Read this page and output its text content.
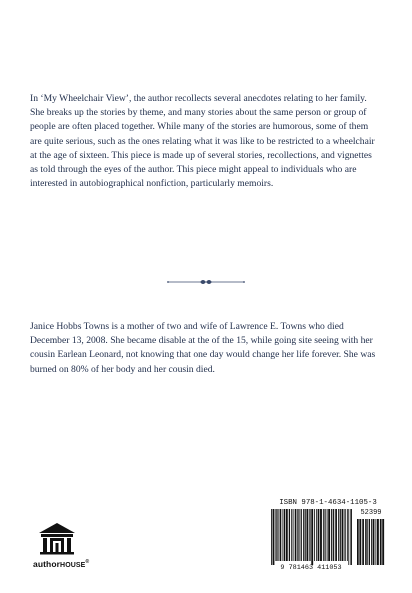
In ‘My Wheelchair View’, the author recollects several anecdotes relating to her family. She breaks up the stories by theme, and many stories about the same person or group of people are often placed together. While many of the stories are humorous, some of them are quite serious, such as the ones relating what it was like to be restricted to a wheelchair at the age of sixteen. This piece is made up of several stories, recollections, and vignettes as told through the eyes of the author. This piece might appeal to individuals who are interested in autobiographical nonfiction, particularly memoirs.

Janice Hobbs Towns is a mother of two and wife of Lawrence E. Towns who died December 13, 2008. She became disable at the of the 15, while going site seeing with her cousin Earlean Leonard, not knowing that one day would change her life forever. She was burned on 80% of her body and her cousin died.

authorHOUSE®
ISBN 978-1-4634-1105-3
52399
9 781463 411053
